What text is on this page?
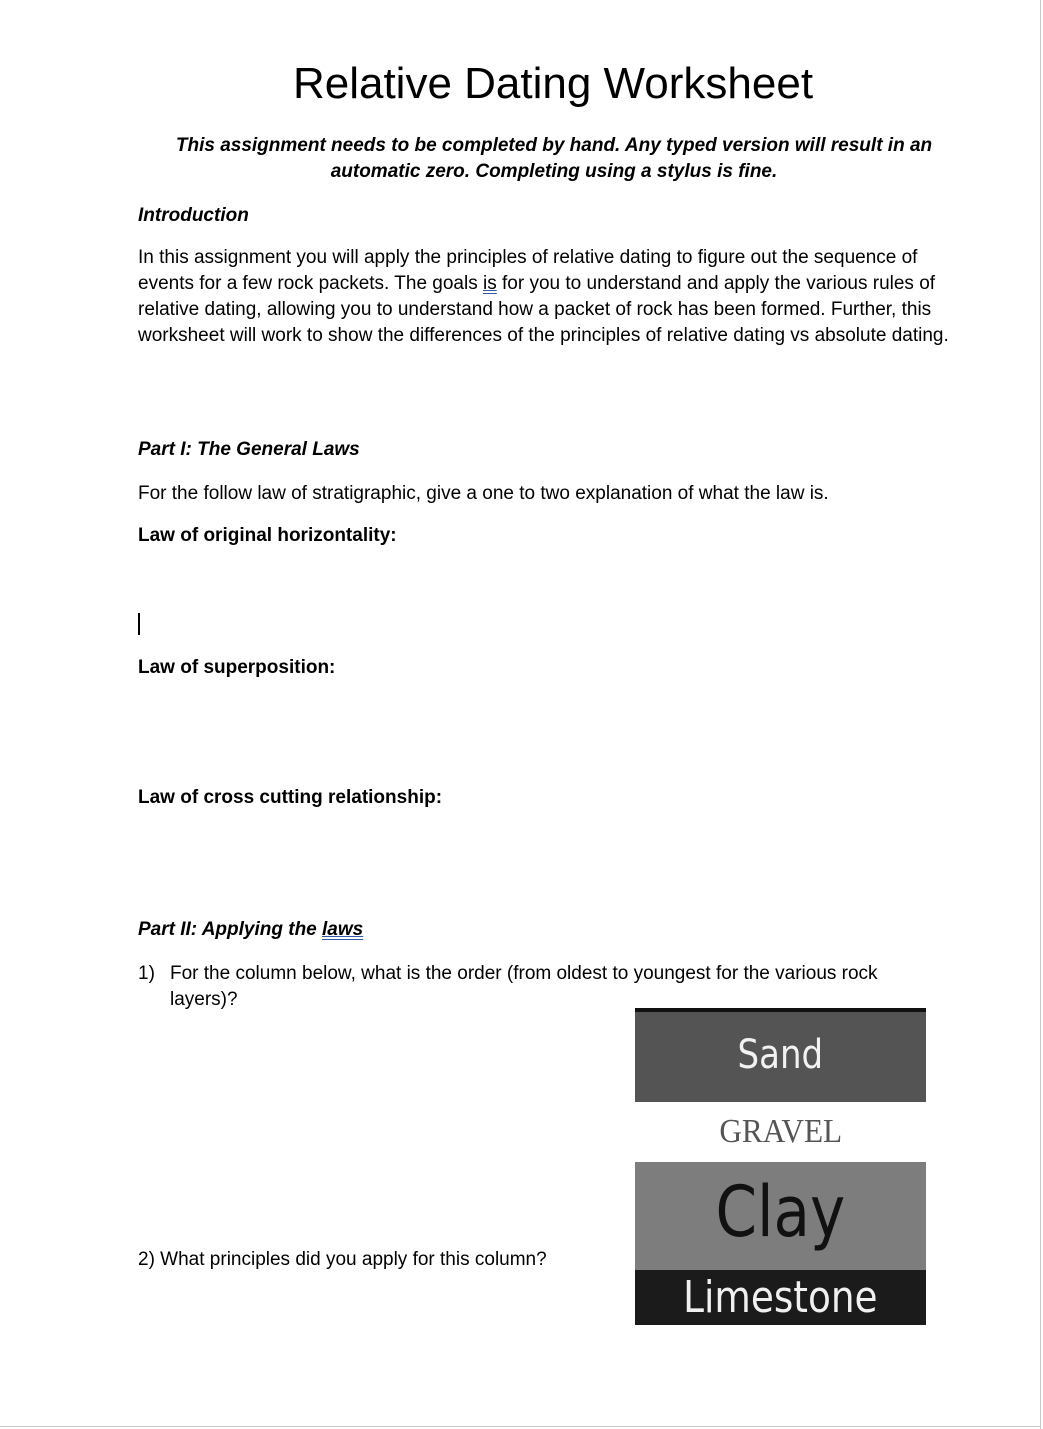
Relative Dating Worksheet
This assignment needs to be completed by hand. Any typed version will result in an automatic zero. Completing using a stylus is fine.
Introduction
In this assignment you will apply the principles of relative dating to figure out the sequence of events for a few rock packets. The goals is for you to understand and apply the various rules of relative dating, allowing you to understand how a packet of rock has been formed. Further, this worksheet will work to show the differences of the principles of relative dating vs absolute dating.
Part I: The General Laws
For the follow law of stratigraphic, give a one to two explanation of what the law is.
Law of original horizontality:
Law of superposition:
Law of cross cutting relationship:
Part II: Applying the laws
1) For the column below, what is the order (from oldest to youngest for the various rock layers)?
2) What principles did you apply for this column?
Sand
GRAVEL
Clay
Limestone
